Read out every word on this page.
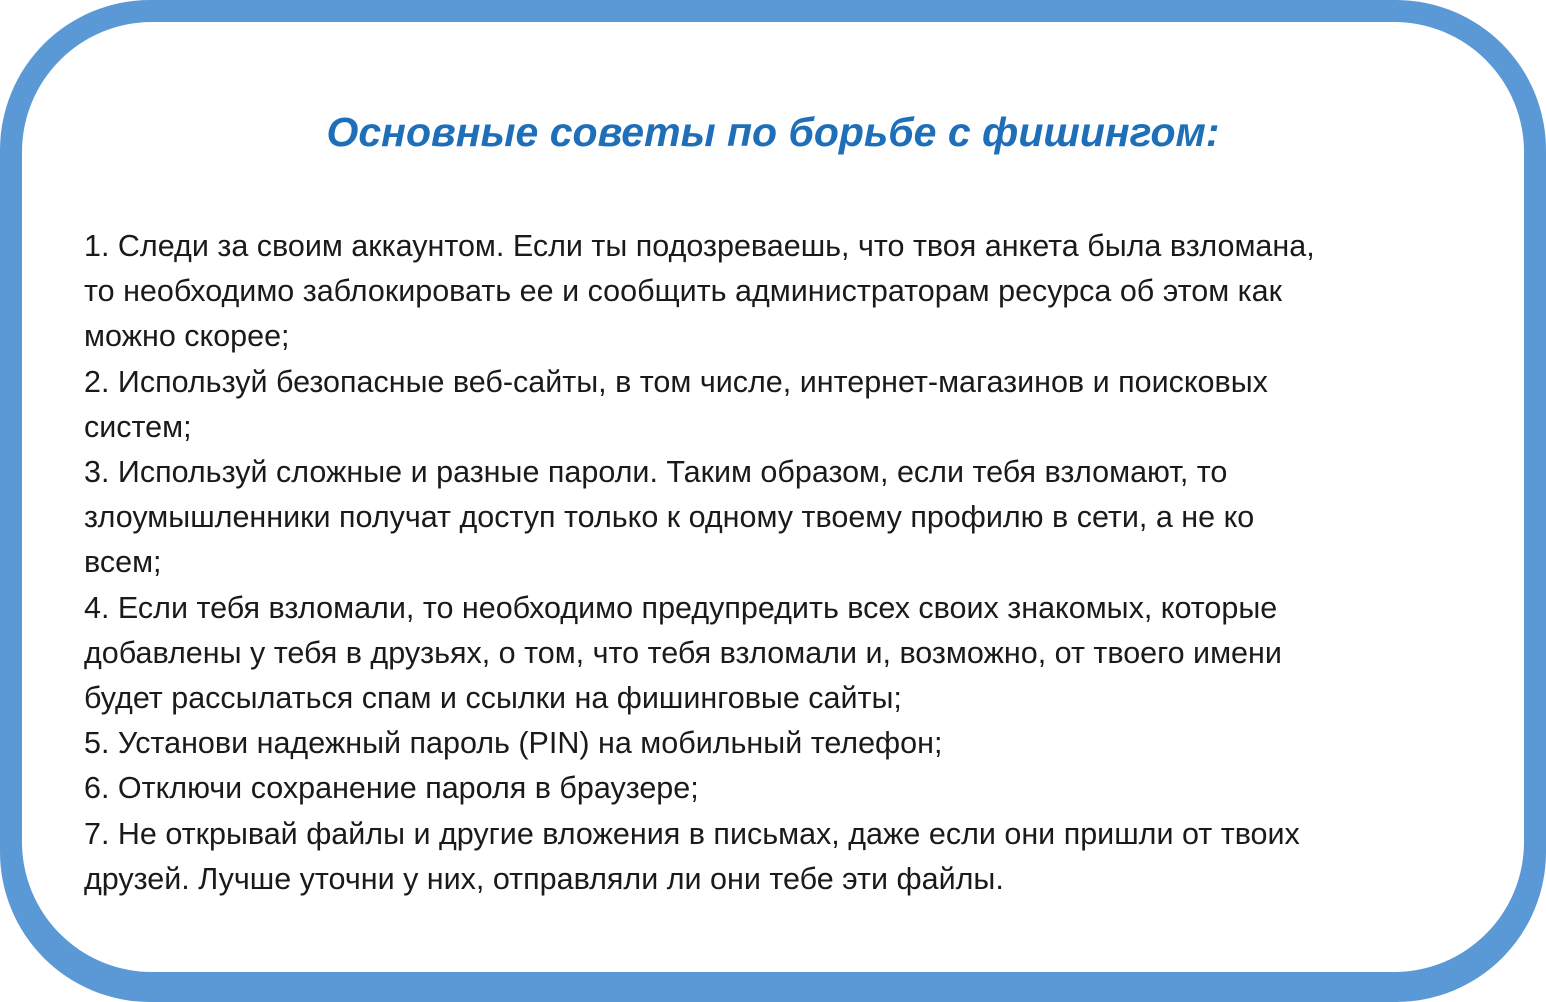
Основные советы по борьбе с фишингом:
1. Следи за своим аккаунтом. Если ты подозреваешь, что твоя анкета была взломана,
то необходимо заблокировать ее и сообщить администраторам ресурса об этом как
можно скорее;
2. Используй безопасные веб-сайты, в том числе, интернет-магазинов и поисковых
систем;
3. Используй сложные и разные пароли. Таким образом, если тебя взломают, то
злоумышленники получат доступ только к одному твоему профилю в сети, а не ко
всем;
4. Если тебя взломали, то необходимо предупредить всех своих знакомых, которые
добавлены у тебя в друзьях, о том, что тебя взломали и, возможно, от твоего имени
будет рассылаться спам и ссылки на фишинговые сайты;
5. Установи надежный пароль (PIN) на мобильный телефон;
6. Отключи сохранение пароля в браузере;
7. Не открывай файлы и другие вложения в письмах, даже если они пришли от твоих
друзей. Лучше уточни у них, отправляли ли они тебе эти файлы.
